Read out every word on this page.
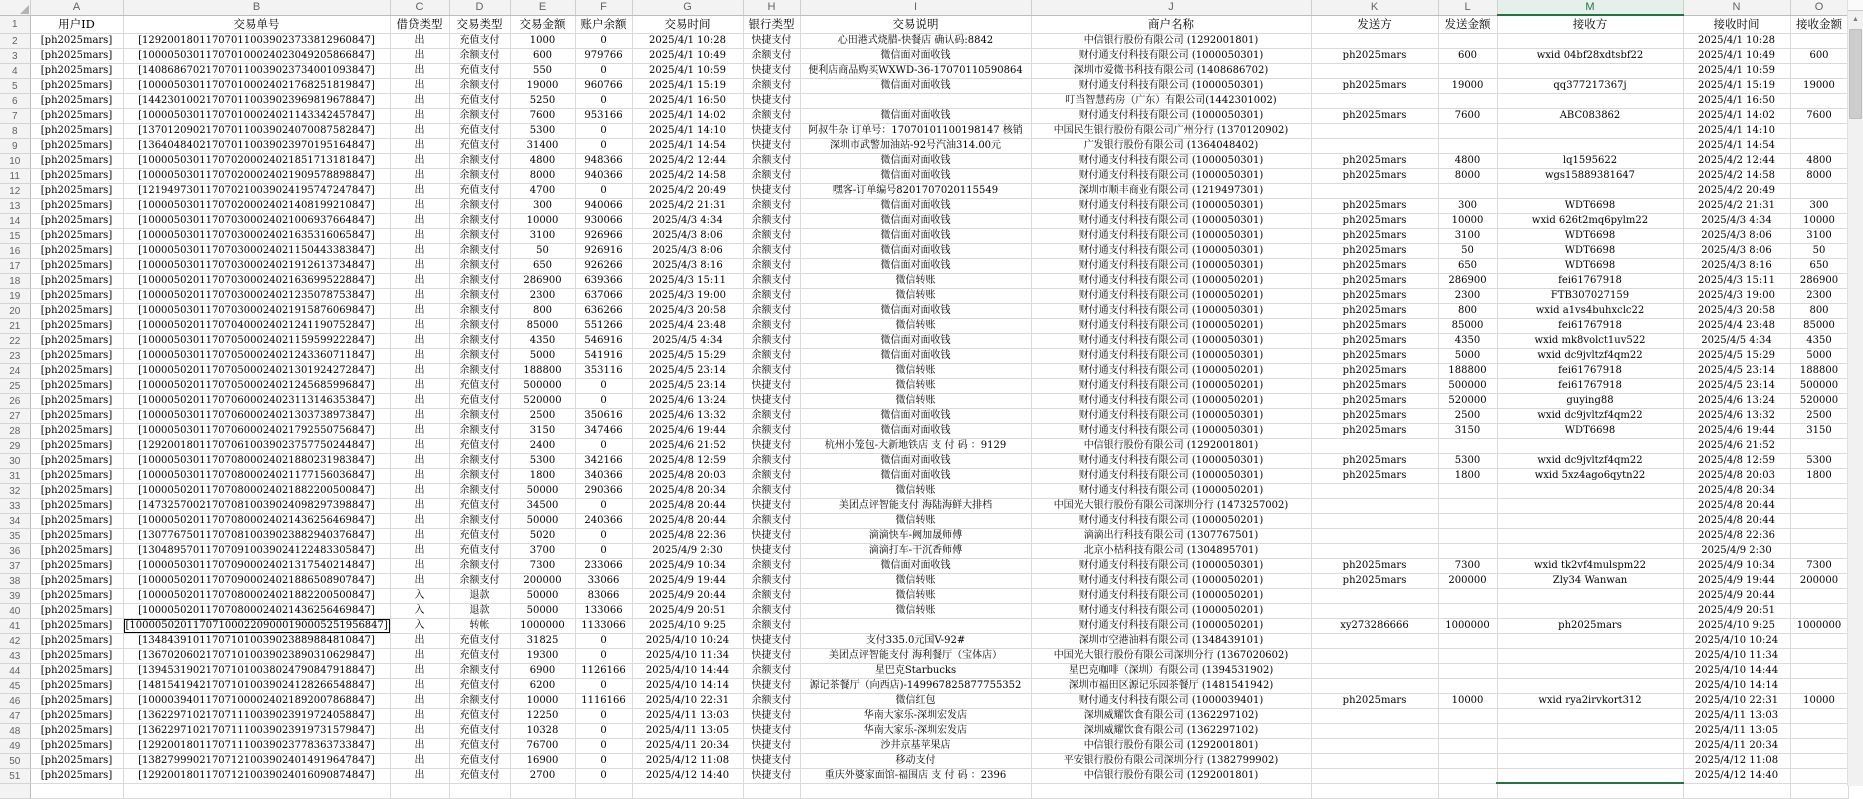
	A	B	C	D	E	F	G	H	I	J	K	L	M	N	O
1	用户ID	交易单号	借贷类型	交易类型	交易金额	账户余额	交易时间	银行类型	交易说明	商户名称	发送方	发送金额	接收方	接收时间	接收金额
2	[ph2025mars]	[129200180117070110039023733812960847]	出	充值支付	1000	0	2025/4/1 10:28	快捷支付	心田港式烧腊-快餐店 确认码:8842	中信银行股份有限公司 (1292001801)				2025/4/1 10:28	
3	[ph2025mars]	[100005030117070100024023049205866847]	出	余额支付	600	979766	2025/4/1 10:49	余额支付	微信面对面收钱	财付通支付科技有限公司 (1000050301)	ph2025mars	600	wxid 04bf28xdtsbf22	2025/4/1 10:49	600
4	[ph2025mars]	[140868670217070110039023734001093847]	出	充值支付	550	0	2025/4/1 10:59	快捷支付	便利店商品购买WXWD-36-17070110590864	深圳市爱微书科技有限公司 (1408686702)				2025/4/1 10:59	
5	[ph2025mars]	[100005030117070100024021768251819847]	出	余额支付	19000	960766	2025/4/1 15:19	余额支付	微信面对面收钱	财付通支付科技有限公司 (1000050301)	ph2025mars	19000	qq377217367j	2025/4/1 15:19	19000
6	[ph2025mars]	[144230100217070110039023969819678847]	出	充值支付	5250	0	2025/4/1 16:50	快捷支付		叮当智慧药房（广东）有限公司(1442301002)				2025/4/1 16:50	
7	[ph2025mars]	[100005030117070100024021143342457847]	出	余额支付	7600	953166	2025/4/1 14:02	余额支付	微信面对面收钱	财付通支付科技有限公司 (1000050301)	ph2025mars	7600	ABC083862	2025/4/1 14:02	7600
8	[ph2025mars]	[137012090217070110039024070087582847]	出	充值支付	5300	0	2025/4/1 14:10	快捷支付	阿叔牛杂 订单号：17070101100198147 核销	中国民生银行股份有限公司广州分行 (1370120902)				2025/4/1 14:10	
9	[ph2025mars]	[136404840217070110039023970195164847]	出	充值支付	31400	0	2025/4/1 14:54	快捷支付	深圳市武警加油站-92号汽油314.00元	广发银行股份有限公司 (1364048402)				2025/4/1 14:54	
10	[ph2025mars]	[100005030117070200024021851713181847]	出	余额支付	4800	948366	2025/4/2 12:44	余额支付	微信面对面收钱	财付通支付科技有限公司 (1000050301)	ph2025mars	4800	lq1595622	2025/4/2 12:44	4800
11	[ph2025mars]	[100005030117070200024021909578898847]	出	余额支付	8000	940366	2025/4/2 14:58	余额支付	微信面对面收钱	财付通支付科技有限公司 (1000050301)	ph2025mars	8000	wgs15889381647	2025/4/2 14:58	8000
12	[ph2025mars]	[121949730117070210039024195747247847]	出	充值支付	4700	0	2025/4/2 20:49	快捷支付	嘿客-订单编号8201707020115549	深圳市顺丰商业有限公司 (1219497301)				2025/4/2 20:49	
13	[ph2025mars]	[100005030117070200024021408199210847]	出	余额支付	300	940066	2025/4/2 21:31	余额支付	微信面对面收钱	财付通支付科技有限公司 (1000050301)	ph2025mars	300	WDT6698	2025/4/2 21:31	300
14	[ph2025mars]	[100005030117070300024021006937664847]	出	余额支付	10000	930066	2025/4/3 4:34	余额支付	微信面对面收钱	财付通支付科技有限公司 (1000050301)	ph2025mars	10000	wxid 626t2mq6pylm22	2025/4/3 4:34	10000
15	[ph2025mars]	[100005030117070300024021635316065847]	出	余额支付	3100	926966	2025/4/3 8:06	余额支付	微信面对面收钱	财付通支付科技有限公司 (1000050301)	ph2025mars	3100	WDT6698	2025/4/3 8:06	3100
16	[ph2025mars]	[100005030117070300024021150443383847]	出	余额支付	50	926916	2025/4/3 8:06	余额支付	微信面对面收钱	财付通支付科技有限公司 (1000050301)	ph2025mars	50	WDT6698	2025/4/3 8:06	50
17	[ph2025mars]	[100005030117070300024021912613734847]	出	余额支付	650	926266	2025/4/3 8:16	余额支付	微信面对面收钱	财付通支付科技有限公司 (1000050301)	ph2025mars	650	WDT6698	2025/4/3 8:16	650
18	[ph2025mars]	[100005020117070300024021636995228847]	出	余额支付	286900	639366	2025/4/3 15:11	余额支付	微信转账	财付通支付科技有限公司 (1000050201)	ph2025mars	286900	fei61767918	2025/4/3 15:11	286900
19	[ph2025mars]	[100005020117070300024021235078753847]	出	余额支付	2300	637066	2025/4/3 19:00	余额支付	微信转账	财付通支付科技有限公司 (1000050201)	ph2025mars	2300	FTB307027159	2025/4/3 19:00	2300
20	[ph2025mars]	[100005030117070300024021915876069847]	出	余额支付	800	636266	2025/4/3 20:58	余额支付	微信面对面收钱	财付通支付科技有限公司 (1000050301)	ph2025mars	800	wxid a1vs4buhxclc22	2025/4/3 20:58	800
21	[ph2025mars]	[100005020117070400024021241190752847]	出	余额支付	85000	551266	2025/4/4 23:48	余额支付	微信转账	财付通支付科技有限公司 (1000050201)	ph2025mars	85000	fei61767918	2025/4/4 23:48	85000
22	[ph2025mars]	[100005030117070500024021159599222847]	出	余额支付	4350	546916	2025/4/5 4:34	余额支付	微信面对面收钱	财付通支付科技有限公司 (1000050301)	ph2025mars	4350	wxid mk8volct1uv522	2025/4/5 4:34	4350
23	[ph2025mars]	[100005030117070500024021243360711847]	出	余额支付	5000	541916	2025/4/5 15:29	余额支付	微信面对面收钱	财付通支付科技有限公司 (1000050301)	ph2025mars	5000	wxid dc9jvltzf4qm22	2025/4/5 15:29	5000
24	[ph2025mars]	[100005020117070500024021301924272847]	出	余额支付	188800	353116	2025/4/5 23:14	余额支付	微信转账	财付通支付科技有限公司 (1000050201)	ph2025mars	188800	fei61767918	2025/4/5 23:14	188800
25	[ph2025mars]	[100005020117070500024021245685996847]	出	充值支付	500000	0	2025/4/5 23:14	快捷支付	微信转账	财付通支付科技有限公司 (1000050201)	ph2025mars	500000	fei61767918	2025/4/5 23:14	500000
26	[ph2025mars]	[100005020117070600024023113146353847]	出	充值支付	520000	0	2025/4/6 13:24	快捷支付	微信转账	财付通支付科技有限公司 (1000050201)	ph2025mars	520000	guying88	2025/4/6 13:24	520000
27	[ph2025mars]	[100005030117070600024021303738973847]	出	余额支付	2500	350616	2025/4/6 13:32	余额支付	微信面对面收钱	财付通支付科技有限公司 (1000050301)	ph2025mars	2500	wxid dc9jvltzf4qm22	2025/4/6 13:32	2500
28	[ph2025mars]	[100005030117070600024021792550756847]	出	余额支付	3150	347466	2025/4/6 19:44	余额支付	微信面对面收钱	财付通支付科技有限公司 (1000050301)	ph2025mars	3150	WDT6698	2025/4/6 19:44	3150
29	[ph2025mars]	[129200180117070610039023757750244847]	出	充值支付	2400	0	2025/4/6 21:52	快捷支付	杭州小笼包-大新地铁店 支 付 码 ：9129	中信银行股份有限公司 (1292001801)				2025/4/6 21:52	
30	[ph2025mars]	[100005030117070800024021880231983847]	出	余额支付	5300	342166	2025/4/8 12:59	余额支付	微信面对面收钱	财付通支付科技有限公司 (1000050301)	ph2025mars	5300	wxid dc9jvltzf4qm22	2025/4/8 12:59	5300
31	[ph2025mars]	[100005030117070800024021177156036847]	出	余额支付	1800	340366	2025/4/8 20:03	余额支付	微信面对面收钱	财付通支付科技有限公司 (1000050301)	ph2025mars	1800	wxid 5xz4ago6qytn22	2025/4/8 20:03	1800
32	[ph2025mars]	[100005020117070800024021882200500847]	出	余额支付	50000	290366	2025/4/8 20:34	余额支付	微信转账	财付通支付科技有限公司 (1000050201)				2025/4/8 20:34	
33	[ph2025mars]	[147325700217070810039024098297398847]	出	充值支付	34500	0	2025/4/8 20:44	快捷支付	美团点评智能支付 海陆海鲜大排档	中国光大银行股份有限公司深圳分行 (1473257002)				2025/4/8 20:44	
34	[ph2025mars]	[100005020117070800024021436256469847]	出	余额支付	50000	240366	2025/4/8 20:44	余额支付	微信转账	财付通支付科技有限公司 (1000050201)				2025/4/8 20:44	
35	[ph2025mars]	[130776750117070810039023882940376847]	出	充值支付	5020	0	2025/4/8 22:36	快捷支付	滴滴快车-阙加晟师傅	滴滴出行科技有限公司 (1307767501)				2025/4/8 22:36	
36	[ph2025mars]	[130489570117070910039024122483305847]	出	充值支付	3700	0	2025/4/9 2:30	快捷支付	滴滴打车-干沉香师傅	北京小桔科技有限公司 (1304895701)				2025/4/9 2:30	
37	[ph2025mars]	[100005030117070900024021317540214847]	出	余额支付	7300	233066	2025/4/9 10:34	余额支付	微信面对面收钱	财付通支付科技有限公司 (1000050301)	ph2025mars	7300	wxid tk2vf4mulspm22	2025/4/9 10:34	7300
38	[ph2025mars]	[100005020117070900024021886508907847]	出	余额支付	200000	33066	2025/4/9 19:44	余额支付	微信转账	财付通支付科技有限公司 (1000050201)	ph2025mars	200000	Zly34 Wanwan	2025/4/9 19:44	200000
39	[ph2025mars]	[100005020117070800024021882200500847]	入	退款	50000	83066	2025/4/9 20:44	余额支付	微信转账	财付通支付科技有限公司 (1000050201)				2025/4/9 20:44	
40	[ph2025mars]	[100005020117070800024021436256469847]	入	退款	50000	133066	2025/4/9 20:51	余额支付	微信转账	财付通支付科技有限公司 (1000050201)				2025/4/9 20:51	
41	[ph2025mars]	[1000050201170710002209000190005251956847]	入	转帐	1000000	1133066	2025/4/10 9:25	余额支付		财付通支付科技有限公司 (1000050201)	xy273286666	1000000	ph2025mars	2025/4/10 9:25	1000000
42	[ph2025mars]	[134843910117071010039023889884810847]	出	充值支付	31825	0	2025/4/10 10:24	快捷支付	支付335.0元国V-92#	深圳市空港油料有限公司 (1348439101)				2025/4/10 10:24	
43	[ph2025mars]	[136702060217071010039023890310629847]	出	充值支付	19300	0	2025/4/10 11:34	快捷支付	美团点评智能支付 海利餐厅（宝体店）	中国光大银行股份有限公司深圳分行 (1367020602)				2025/4/10 11:34	
44	[ph2025mars]	[139453190217071010038024790847918847]	出	余额支付	6900	1126166	2025/4/10 14:44	余额支付	星巴克Starbucks	星巴克咖啡（深圳）有限公司 (1394531902)				2025/4/10 14:44	
45	[ph2025mars]	[148154194217071010039024128266548847]	出	充值支付	6200	0	2025/4/10 14:14	快捷支付	源记茶餐厅（向西店)-149967825877755352	深圳市福田区源记乐园茶餐厅 (1481541942)				2025/4/10 14:14	
46	[ph2025mars]	[100003940117071000024021892007868847]	出	余额支付	10000	1116166	2025/4/10 22:31	余额支付	微信红包	财付通支付科技有限公司 (1000039401)	ph2025mars	10000	wxid rya2irvkort312	2025/4/10 22:31	10000
47	[ph2025mars]	[136229710217071110039023919724058847]	出	充值支付	12250	0	2025/4/11 13:03	快捷支付	华南大家乐-深圳宏发店	深圳威耀饮食有限公司 (1362297102)				2025/4/11 13:03	
48	[ph2025mars]	[136229710217071110039023919731579847]	出	充值支付	10328	0	2025/4/11 13:05	快捷支付	华南大家乐-深圳宏发店	深圳威耀饮食有限公司 (1362297102)				2025/4/11 13:05	
49	[ph2025mars]	[129200180117071110039023778363733847]	出	充值支付	76700	0	2025/4/11 20:34	快捷支付	沙井京基苹果店	中信银行股份有限公司 (1292001801)				2025/4/11 20:34	
50	[ph2025mars]	[138279990217071210039024014919647847]	出	充值支付	16900	0	2025/4/12 11:08	快捷支付	移动支付	平安银行股份有限公司深圳分行 (1382799902)				2025/4/12 11:08	
51	[ph2025mars]	[129200180117071210039024016090874847]	出	充值支付	2700	0	2025/4/12 14:40	快捷支付	重庆外婆家面馆-福围店 支 付 码 ：2396	中信银行股份有限公司 (1292001801)				2025/4/12 14:40	

▲
